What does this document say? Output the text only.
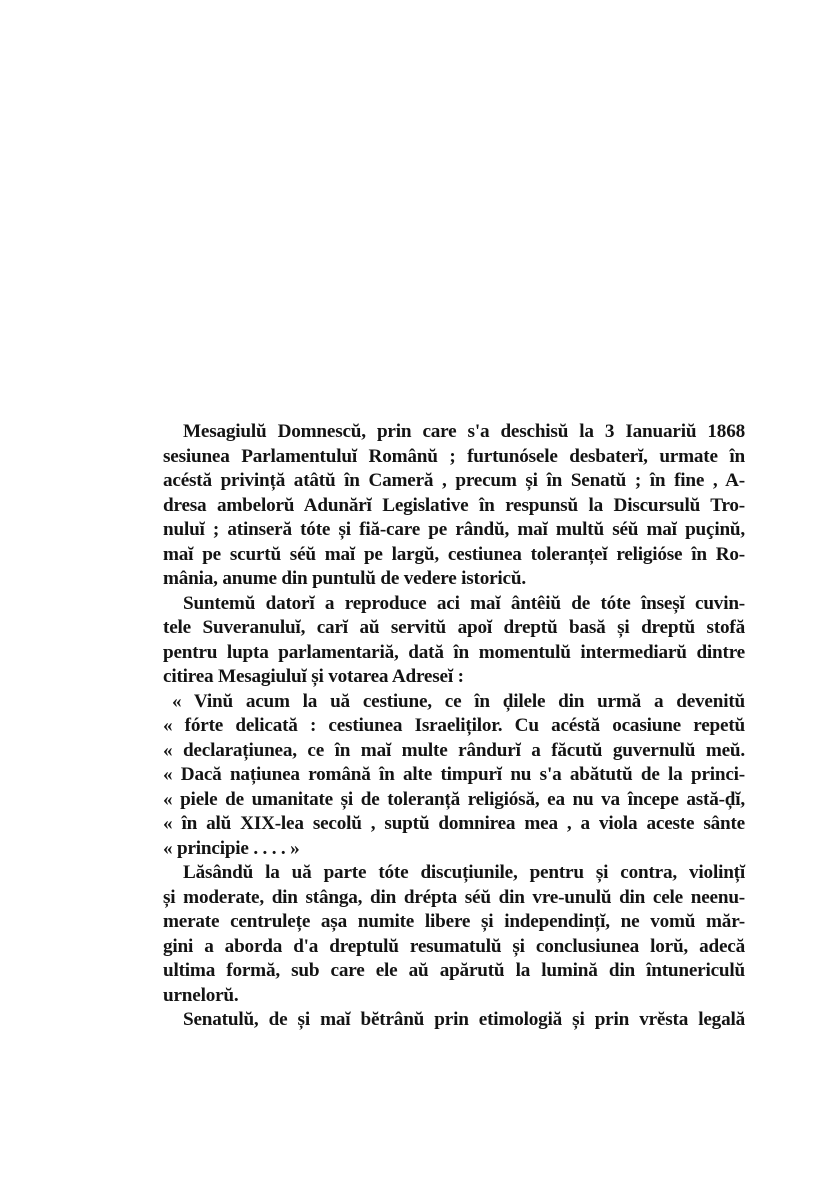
Mesagiulŭ Domnescŭ, prin care s'a deschisŭ la 3 Ianuariŭ 1868
sesiunea Parlamentuluĭ Românŭ ; furtunósele desbaterĭ, urmate în
acéstă privință atâtŭ în Cameră , precum și în Senatŭ ; în fine , A-
dresa ambelorŭ Adunărĭ Legislative în respunsŭ la Discursulŭ Tro-
nuluĭ ; atinseră tóte și fiă-care pe rândŭ, maĭ multŭ séŭ maĭ puçinŭ,
maĭ pe scurtŭ séŭ maĭ pe largŭ, cestiunea toleranțeĭ religióse în Ro-
mânia, anume din puntulŭ de vedere istoricŭ.
Suntemŭ datorĭ a reproduce aci maĭ ântêiŭ de tóte înseșĭ cuvin-
tele Suveranuluĭ, carĭ aŭ servitŭ apoĭ dreptŭ basă și dreptŭ stofă
pentru lupta parlamentariă, dată în momentulŭ intermediarŭ dintre
citirea Mesagiuluĭ și votarea Adreseĭ :
« Vinŭ acum la uă cestiune, ce în ḑilele din urmă a devenitŭ
« fórte delicată : cestiunea Israeliților. Cu acéstă ocasiune repetŭ
« declarațiunea, ce în maĭ multe rândurĭ a făcutŭ guvernulŭ meŭ.
« Dacă națiunea română în alte timpurĭ nu s'a abătutŭ de la princi-
« piele de umanitate și de toleranță religiósă, ea nu va începe astă-ḑĭ,
« în alŭ XIX-lea secolŭ , suptŭ domnirea mea , a viola aceste sânte
« principie . . . . »
Lăsândŭ la uă parte tóte discuțiunile, pentru și contra, violințĭ
și moderate, din stânga, din drépta séŭ din vre-unulŭ din cele neenu-
merate centrulețe așa numite libere și independințĭ, ne vomŭ măr-
gini a aborda d'a dreptulŭ resumatulŭ și conclusiunea lorŭ, adecă
ultima formă, sub care ele aŭ apărutŭ la lumină din întunericulŭ
urnelorŭ.
Senatulŭ, de și maĭ bĕtrânŭ prin etimologiă și prin vrĕsta legală
